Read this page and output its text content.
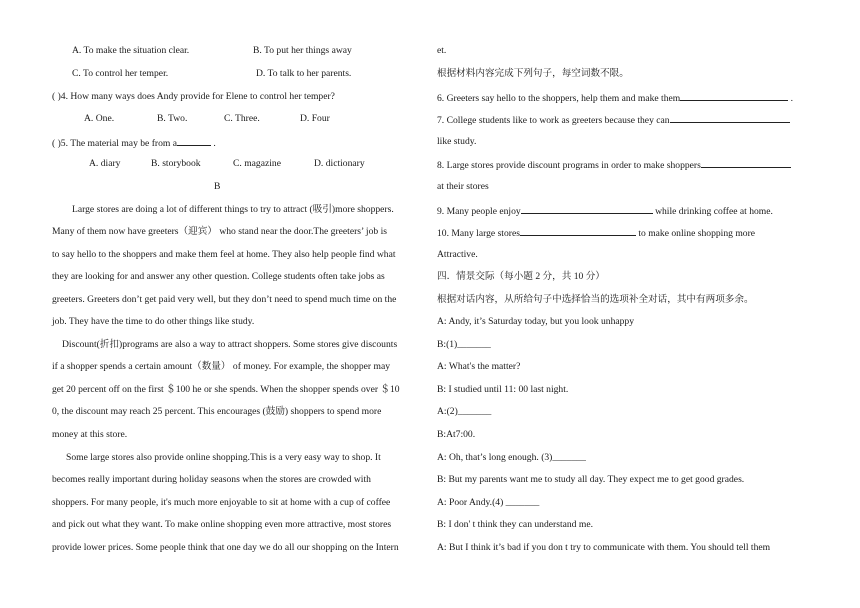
A. To make the situation clear.	B. To put her things away
C. To control her temper.	D. To talk to her parents.
( )4. How many ways does Andy provide for Elene to control her temper?
A. One.	B. Two.	C. Three.	D. Four
( )5. The material may be from a	.
A. diary	B. storybook	C. magazine	D. dictionary
B
Large stores are doing a lot of different things to try to attract (吸引)more shoppers.
Many of them now have greeters（迎宾） who stand near the door.The greeters’ job is
to say hello to the shoppers and make them feel at home. They also help people find what
they are looking for and answer any other question. College students often take jobs as
greeters. Greeters don’t get paid very well, but they don’t need to spend much time on the
job. They have the time to do other things like study.
Discount(折扣)programs are also a way to attract shoppers. Some stores give discounts
if a shopper spends a certain amount（数量） of money. For example, the shopper may
get 20 percent off on the first ＄100 he or she spends. When the shopper spends over ＄10
0, the discount may reach 25 percent. This encourages (鼓励) shoppers to spend more
money at this store.
Some large stores also provide online shopping.This is a very easy way to shop. It
becomes really important during holiday seasons when the stores are crowded with
shoppers. For many people, it's much more enjoyable to sit at home with a cup of coffee
and pick out what they want. To make online shopping even more attractive, most stores
provide lower prices. Some people think that one day we do all our shopping on the Intern
et.
根据材料内容完成下列句子，每空词数不限。
6. Greeters say hello to the shoppers, help them and make them	.
7. College students like to work as greeters because they can
like study.
8. Large stores provide discount programs in order to make shoppers
at their stores
9. Many people enjoy	while drinking coffee at home.
10. Many large stores	to make online shopping more
Attractive.
四．情景交际（每小题 2 分，共 10 分）
根据对话内容，从所给句子中选择恰当的选项补全对话，其中有两项多余。
A: Andy, it’s Saturday today, but you look unhappy
B:(1)_______
A: What's the matter?
B: I studied until 11: 00 last night.
A:(2)_______
B:At7:00.
A: Oh, that’s long enough. (3)_______
B: But my parents want me to study all day. They expect me to get good grades.
A: Poor Andy.(4) _______
B: I don' t think they can understand me.
A: But I think it’s bad if you don t try to communicate with them. You should tell them
